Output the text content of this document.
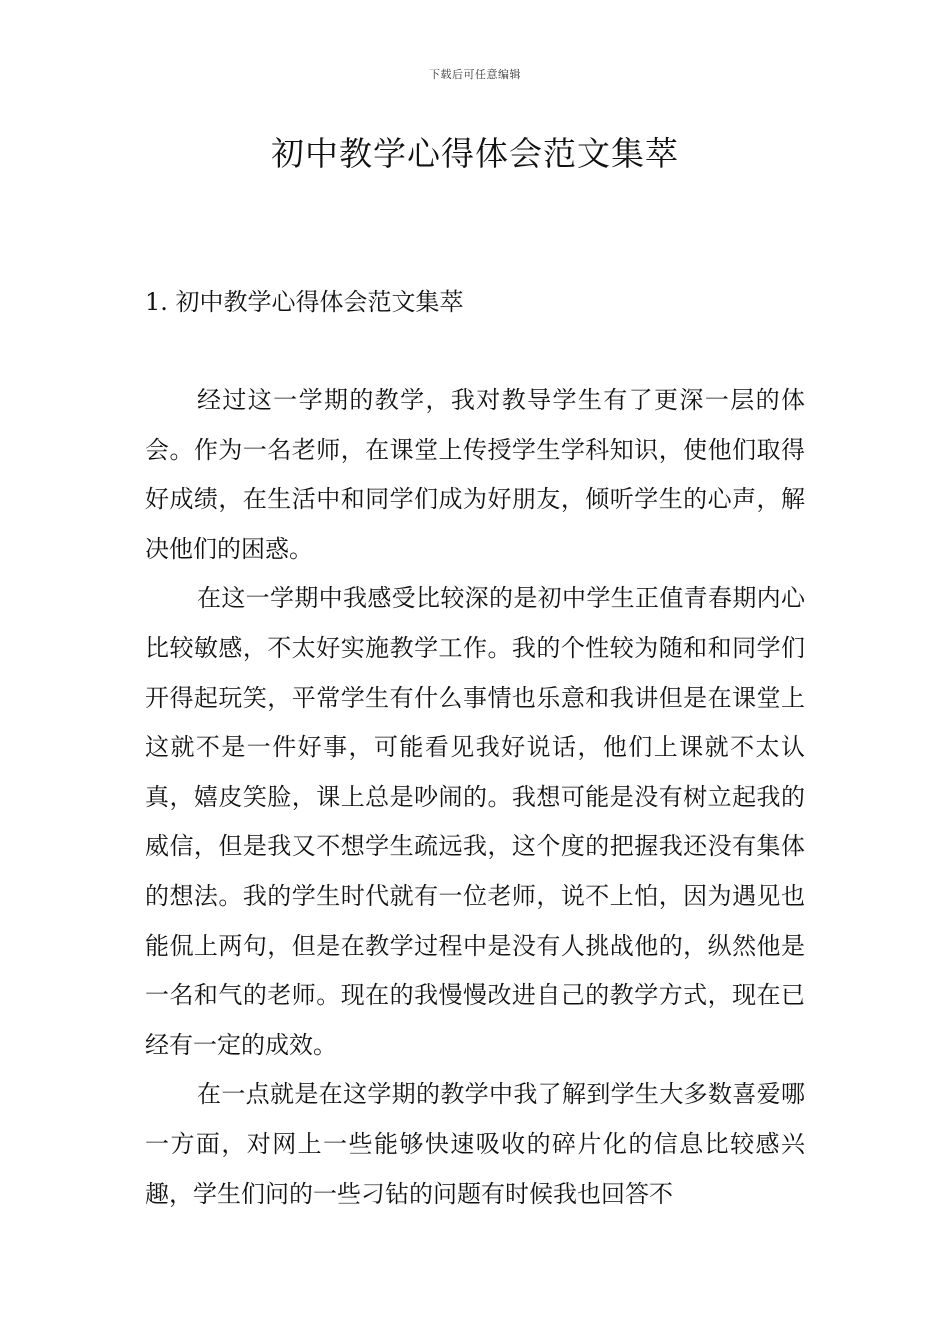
下载后可任意编辑
初中教学心得体会范文集萃
1. 初中教学心得体会范文集萃

经过这一学期的教学，我对教导学生有了更深一层的体会。作为一名老师，在课堂上传授学生学科知识，使他们取得好成绩，在生活中和同学们成为好朋友，倾听学生的心声，解决他们的困惑。

在这一学期中我感受比较深的是初中学生正值青春期内心比较敏感，不太好实施教学工作。我的个性较为随和和同学们开得起玩笑，平常学生有什么事情也乐意和我讲但是在课堂上这就不是一件好事，可能看见我好说话，他们上课就不太认真，嬉皮笑脸，课上总是吵闹的。我想可能是没有树立起我的威信，但是我又不想学生疏远我，这个度的把握我还没有集体的想法。我的学生时代就有一位老师，说不上怕，因为遇见也能侃上两句，但是在教学过程中是没有人挑战他的，纵然他是一名和气的老师。现在的我慢慢改进自己的教学方式，现在已经有一定的成效。

在一点就是在这学期的教学中我了解到学生大多数喜爱哪一方面，对网上一些能够快速吸收的碎片化的信息比较感兴趣，学生们问的一些刁钻的问题有时候我也回答不
